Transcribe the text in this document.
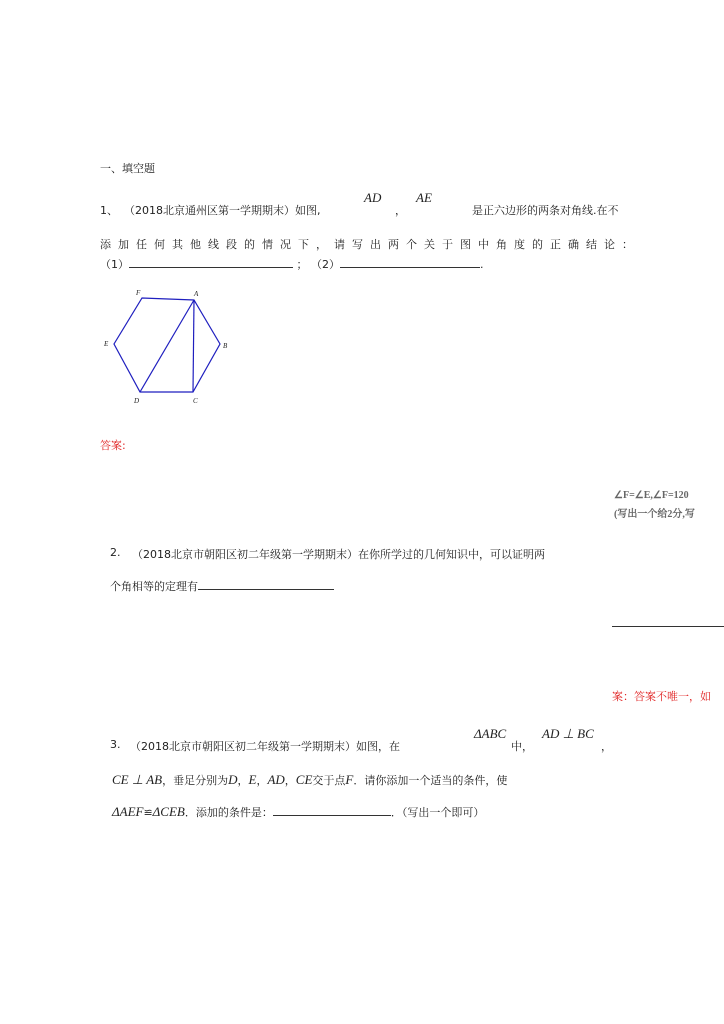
一、填空题
1、 （2018北京通州区第一学期期末）如图,
AD
，
AE
是正六边形的两条对角线.在不
添加任何其他线段的情况下，请写出两个关于图中角度的正确结论：
（1）	； （2）	.
F	A
E	B
D	C
答案:
∠F=∠E,∠F=120
(写出一个给2分,写
2. （2018北京市朝阳区初二年级第一学期期末）在你所学过的几何知识中，可以证明两
个角相等的定理有
案：答案不唯一，如
3. （2018北京市朝阳区初二年级第一学期期末）如图，在
ΔABC
中，
AD ⊥ BC
，
CE ⊥ AB，垂足分别为D，E，AD，CE交于点F．请你添加一个适当的条件，使
ΔAEF≌ΔCEB．添加的条件是：	．（写出一个即可）
